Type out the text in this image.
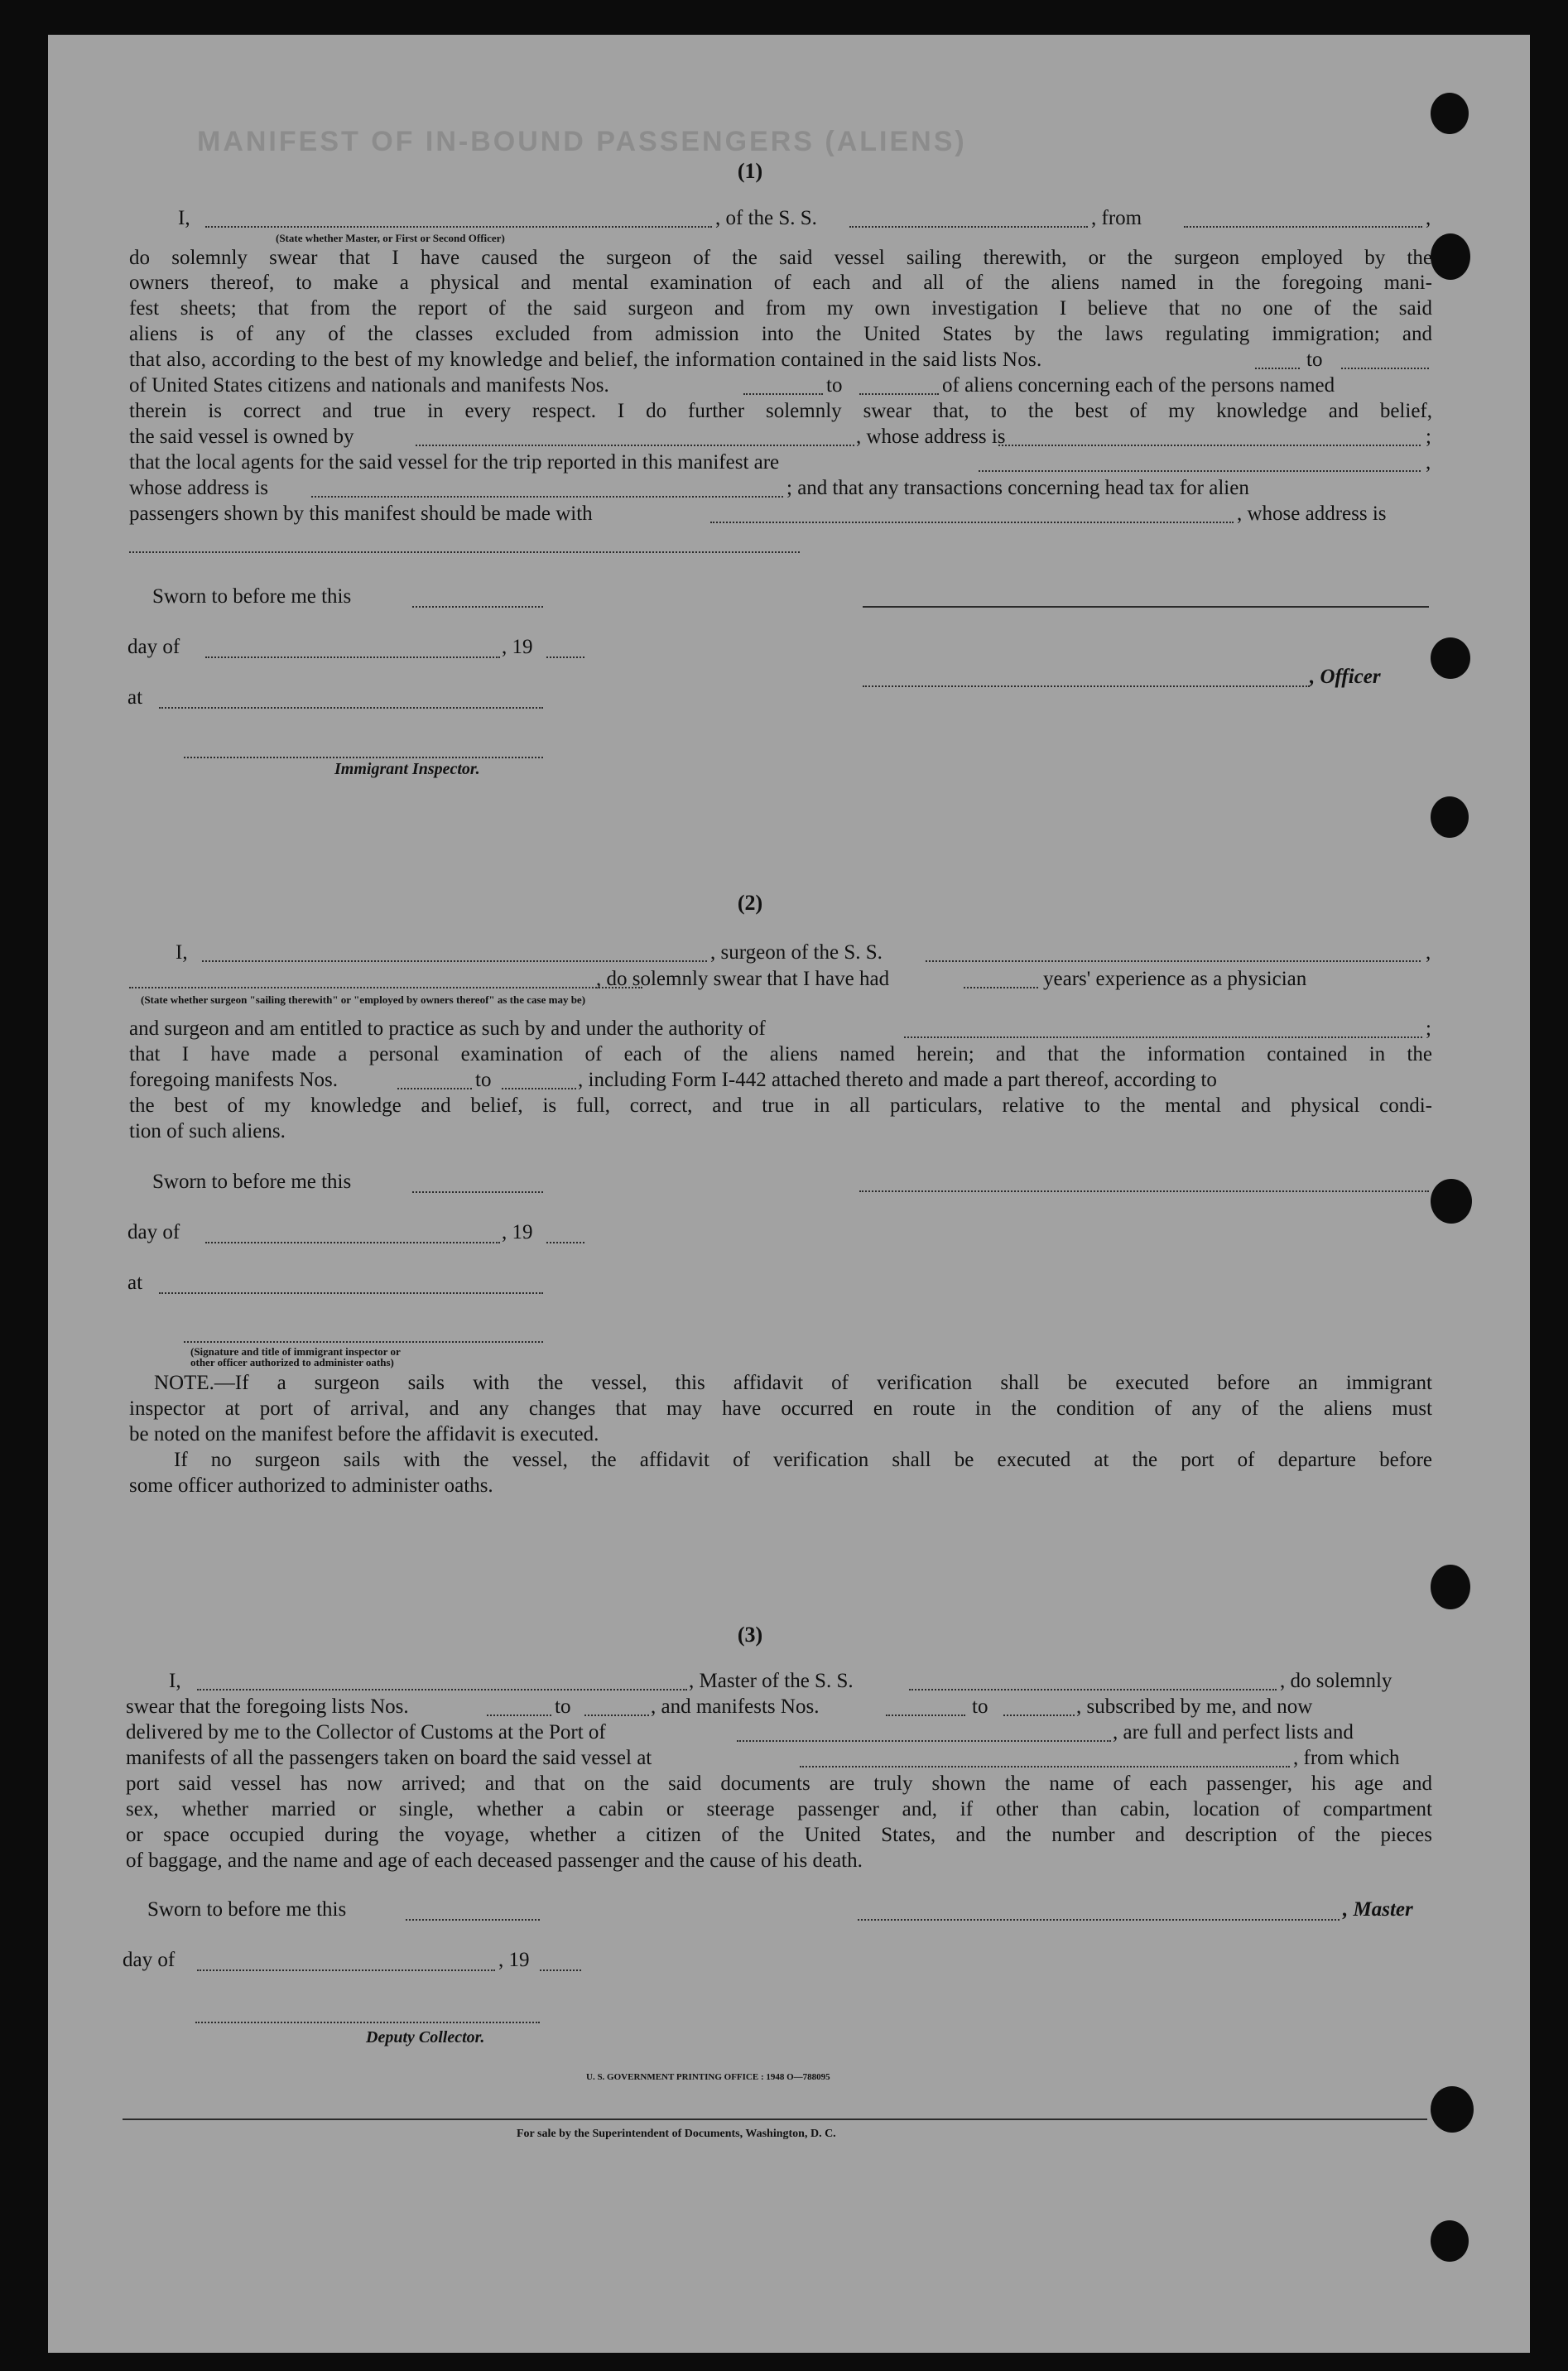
MANIFEST OF IN-BOUND PASSENGERS (ALIENS)
(1)
I,	, of the S. S.	, from	,
(State whether Master, or First or Second Officer)
do solemnly swear that I have caused the surgeon of the said vessel sailing therewith, or the surgeon employed by the
owners thereof, to make a physical and mental examination of each and all of the aliens named in the foregoing mani-
fest sheets; that from the report of the said surgeon and from my own investigation I believe that no one of the said
aliens is of any of the classes excluded from admission into the United States by the laws regulating immigration; and
that also, according to the best of my knowledge and belief, the information contained in the said lists Nos.	to
of United States citizens and nationals and manifests Nos.	to	of aliens concerning each of the persons named
therein is correct and true in every respect. I do further solemnly swear that, to the best of my knowledge and belief,
the said vessel is owned by	, whose address is	;
that the local agents for the said vessel for the trip reported in this manifest are	,
whose address is	; and that any transactions concerning head tax for alien
passengers shown by this manifest should be made with	, whose address is
Sworn to before me this
day of	, 19
, Officer
at
Immigrant Inspector.
(2)
I,	, surgeon of the S. S.	,
, do solemnly swear that I have had	years' experience as a physician
(State whether surgeon "sailing therewith" or "employed by owners thereof" as the case may be)
and surgeon and am entitled to practice as such by and under the authority of	;
that I have made a personal examination of each of the aliens named herein; and that the information contained in the
foregoing manifests Nos.	to	, including Form I-442 attached thereto and made a part thereof, according to
the best of my knowledge and belief, is full, correct, and true in all particulars, relative to the mental and physical condi-
tion of such aliens.
Sworn to before me this
day of	, 19
at
(Signature and title of immigrant inspector or
other officer authorized to administer oaths)
NOTE.—If a surgeon sails with the vessel, this affidavit of verification shall be executed before an immigrant
inspector at port of arrival, and any changes that may have occurred en route in the condition of any of the aliens must
be noted on the manifest before the affidavit is executed.
If no surgeon sails with the vessel, the affidavit of verification shall be executed at the port of departure before
some officer authorized to administer oaths.
(3)
I,	, Master of the S. S.	, do solemnly
swear that the foregoing lists Nos.	to	, and manifests Nos.	to	, subscribed by me, and now
delivered by me to the Collector of Customs at the Port of	, are full and perfect lists and
manifests of all the passengers taken on board the said vessel at	, from which
port said vessel has now arrived; and that on the said documents are truly shown the name of each passenger, his age and
sex, whether married or single, whether a cabin or steerage passenger and, if other than cabin, location of compartment
or space occupied during the voyage, whether a citizen of the United States, and the number and description of the pieces
of baggage, and the name and age of each deceased passenger and the cause of his death.
Sworn to before me this	, Master
day of	, 19
Deputy Collector.
U. S. GOVERNMENT PRINTING OFFICE : 1948 O—788095
For sale by the Superintendent of Documents, Washington, D. C.
